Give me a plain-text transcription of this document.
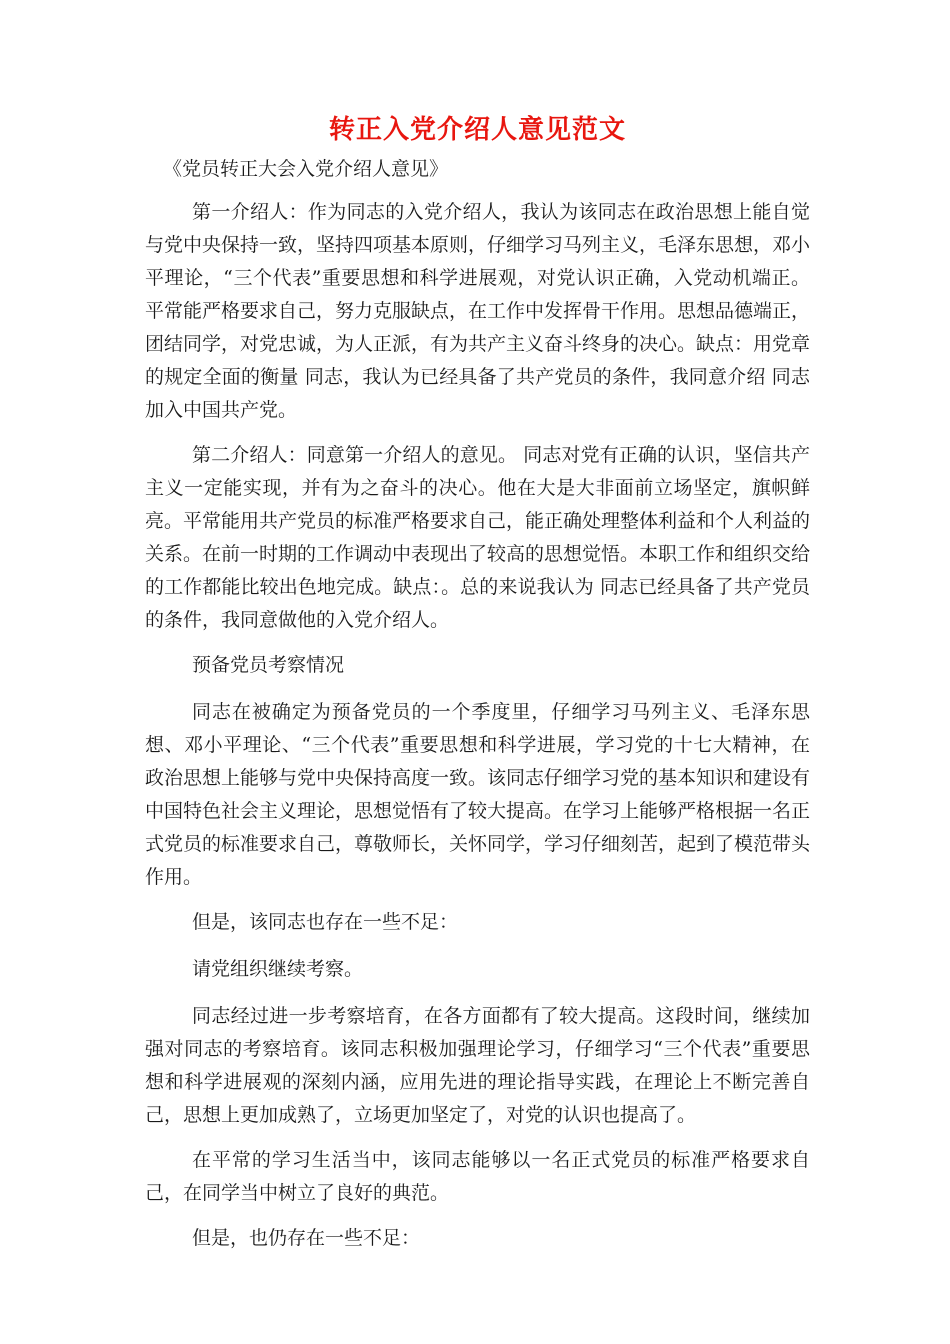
转正入党介绍人意见范文
《党员转正大会入党介绍人意见》

第一介绍人：作为同志的入党介绍人，我认为该同志在政治思想上能自觉与党中央保持一致，坚持四项基本原则，仔细学习马列主义，毛泽东思想，邓小平理论，“三个代表”重要思想和科学进展观，对党认识正确，入党动机端正。平常能严格要求自己，努力克服缺点，在工作中发挥骨干作用。思想品德端正，团结同学，对党忠诚，为人正派，有为共产主义奋斗终身的决心。缺点：用党章的规定全面的衡量 同志，我认为已经具备了共产党员的条件，我同意介绍 同志加入中国共产党。

第二介绍人：同意第一介绍人的意见。 同志对党有正确的认识，坚信共产主义一定能实现，并有为之奋斗的决心。他在大是大非面前立场坚定，旗帜鲜亮。平常能用共产党员的标准严格要求自己，能正确处理整体利益和个人利益的关系。在前一时期的工作调动中表现出了较高的思想觉悟。本职工作和组织交给的工作都能比较出色地完成。缺点：。总的来说我认为 同志已经具备了共产党员的条件，我同意做他的入党介绍人。

预备党员考察情况

同志在被确定为预备党员的一个季度里，仔细学习马列主义、毛泽东思想、邓小平理论、“三个代表”重要思想和科学进展，学习党的十七大精神，在政治思想上能够与党中央保持高度一致。该同志仔细学习党的基本知识和建设有中国特色社会主义理论，思想觉悟有了较大提高。在学习上能够严格根据一名正式党员的标准要求自己，尊敬师长，关怀同学，学习仔细刻苦，起到了模范带头作用。

但是，该同志也存在一些不足：

请党组织继续考察。

同志经过进一步考察培育，在各方面都有了较大提高。这段时间，继续加强对同志的考察培育。该同志积极加强理论学习，仔细学习“三个代表”重要思想和科学进展观的深刻内涵，应用先进的理论指导实践，在理论上不断完善自己，思想上更加成熟了，立场更加坚定了，对党的认识也提高了。

在平常的学习生活当中，该同志能够以一名正式党员的标准严格要求自己，在同学当中树立了良好的典范。

但是，也仍存在一些不足：
